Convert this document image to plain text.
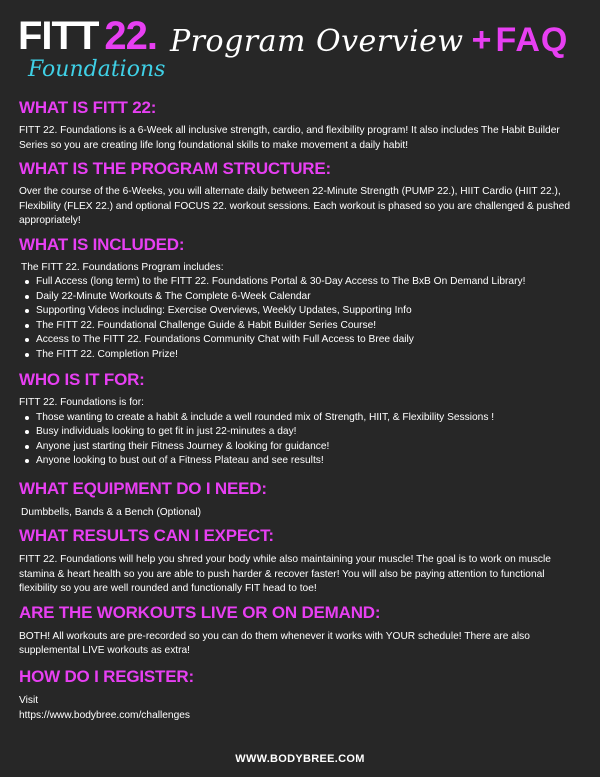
FITT 22.
Foundations
Program Overview + FAQ
WHAT IS FITT 22:

FITT 22. Foundations is a 6-Week all inclusive strength, cardio, and flexibility program! It also includes The Habit Builder Series so you are creating life long foundational skills to make movement a daily habit!

WHAT IS THE PROGRAM STRUCTURE:

Over the course of the 6-Weeks, you will alternate daily between 22-Minute Strength (PUMP 22.), HIIT Cardio (HIIT 22.), Flexibility (FLEX 22.) and optional FOCUS 22. workout sessions. Each workout is phased so you are challenged & pushed appropriately!

WHAT IS INCLUDED:
The FITT 22. Foundations Program includes:
Full Access (long term) to the FITT 22. Foundations Portal & 30-Day Access to The BxB On Demand Library!
Daily 22-Minute Workouts & The Complete 6-Week Calendar
Supporting Videos including: Exercise Overviews, Weekly Updates, Supporting Info
The FITT 22. Foundational Challenge Guide & Habit Builder Series Course!
Access to The FITT 22. Foundations Community Chat with Full Access to Bree daily
The FITT 22. Completion Prize!
WHO IS IT FOR:
FITT 22. Foundations is for:
Those wanting to create a habit & include a well rounded mix of Strength, HIIT, & Flexibility Sessions !
Busy individuals looking to get fit in just 22-minutes a day!
Anyone just starting their Fitness Journey & looking for guidance!
Anyone looking to bust out of a Fitness Plateau and see results!
WHAT EQUIPMENT DO I NEED:

Dumbbells, Bands & a Bench (Optional)

WHAT RESULTS CAN I EXPECT:

FITT 22. Foundations will help you shred your body while also maintaining your muscle! The goal is to work on muscle stamina & heart health so you are able to push harder & recover faster! You will also be paying attention to functional flexibility so you are well rounded and functionally FIT head to toe!

ARE THE WORKOUTS LIVE OR ON DEMAND:

BOTH! All workouts are pre-recorded so you can do them whenever it works with YOUR schedule! There are also supplemental LIVE workouts as extra!

HOW DO I REGISTER:
Visit
https://www.bodybree.com/challenges
WWW.BODYBREE.COM
